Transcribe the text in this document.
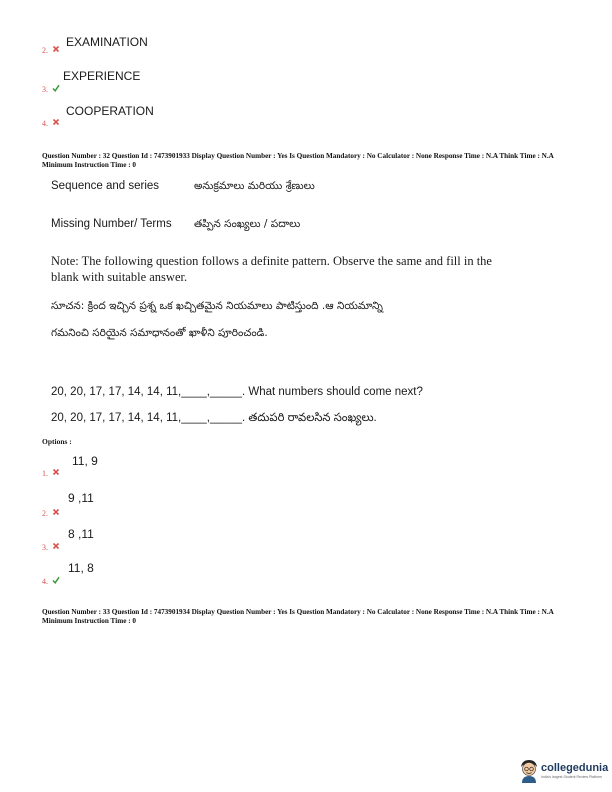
2.
EXAMINATION
3.
EXPERIENCE
4.
COOPERATION
Question Number : 32 Question Id : 7473901933 Display Question Number : Yes Is Question Mandatory : No Calculator : None Response Time : N.A Think Time : N.A Minimum Instruction Time : 0
Sequence and series	అనుక్రమాలు మరియు శ్రేణులు
Missing Number/ Terms తప్పిన సంఖ్యలు / పదాలు
Note: The following question follows a definite pattern. Observe the same and fill in the blank with suitable answer.
సూచన: క్రింద ఇచ్చిన ప్రశ్న ఒక ఖచ్చితమైన నియమాలు పాటిస్తుంది .ఆ నియమాన్ని
గమనించి సరియైన సమాధానంతో ఖాళీని పూరించండి.
20, 20, 17, 17, 14, 14, 11,____,_____. What numbers should come next?
20, 20, 17, 17, 14, 14, 11,____,_____. తదుపరి రావలసిన సంఖ్యలు.
Options :
1.
11, 9
2.
9 ,11
3.
8 ,11
4.
11, 8
Question Number : 33 Question Id : 7473901934 Display Question Number : Yes Is Question Mandatory : No Calculator : None Response Time : N.A Think Time : N.A Minimum Instruction Time : 0
collegedunia
India's largest Student Review Platform
